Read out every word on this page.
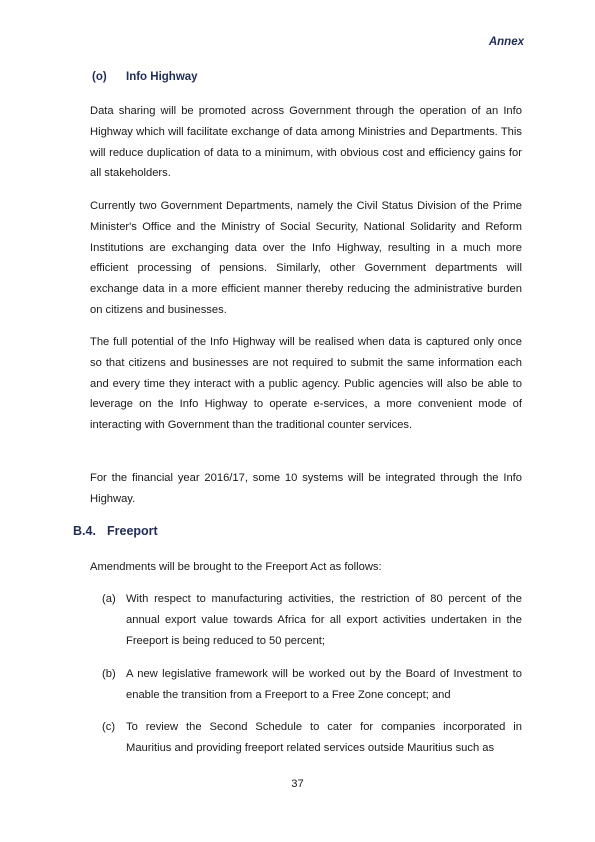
Annex
(o) Info Highway

Data sharing will be promoted across Government through the operation of an Info Highway which will facilitate exchange of data among Ministries and Departments. This will reduce duplication of data to a minimum, with obvious cost and efficiency gains for all stakeholders.

Currently two Government Departments, namely the Civil Status Division of the Prime Minister's Office and the Ministry of Social Security, National Solidarity and Reform Institutions are exchanging data over the Info Highway, resulting in a much more efficient processing of pensions. Similarly, other Government departments will exchange data in a more efficient manner thereby reducing the administrative burden on citizens and businesses.

The full potential of the Info Highway will be realised when data is captured only once so that citizens and businesses are not required to submit the same information each and every time they interact with a public agency. Public agencies will also be able to leverage on the Info Highway to operate e-services, a more convenient mode of interacting with Government than the traditional counter services.

For the financial year 2016/17, some 10 systems will be integrated through the Info Highway.

B.4. Freeport

Amendments will be brought to the Freeport Act as follows:

(a) With respect to manufacturing activities, the restriction of 80 percent of the annual export value towards Africa for all export activities undertaken in the Freeport is being reduced to 50 percent;
(b) A new legislative framework will be worked out by the Board of Investment to enable the transition from a Freeport to a Free Zone concept; and
(c) To review the Second Schedule to cater for companies incorporated in Mauritius and providing freeport related services outside Mauritius such as
37
